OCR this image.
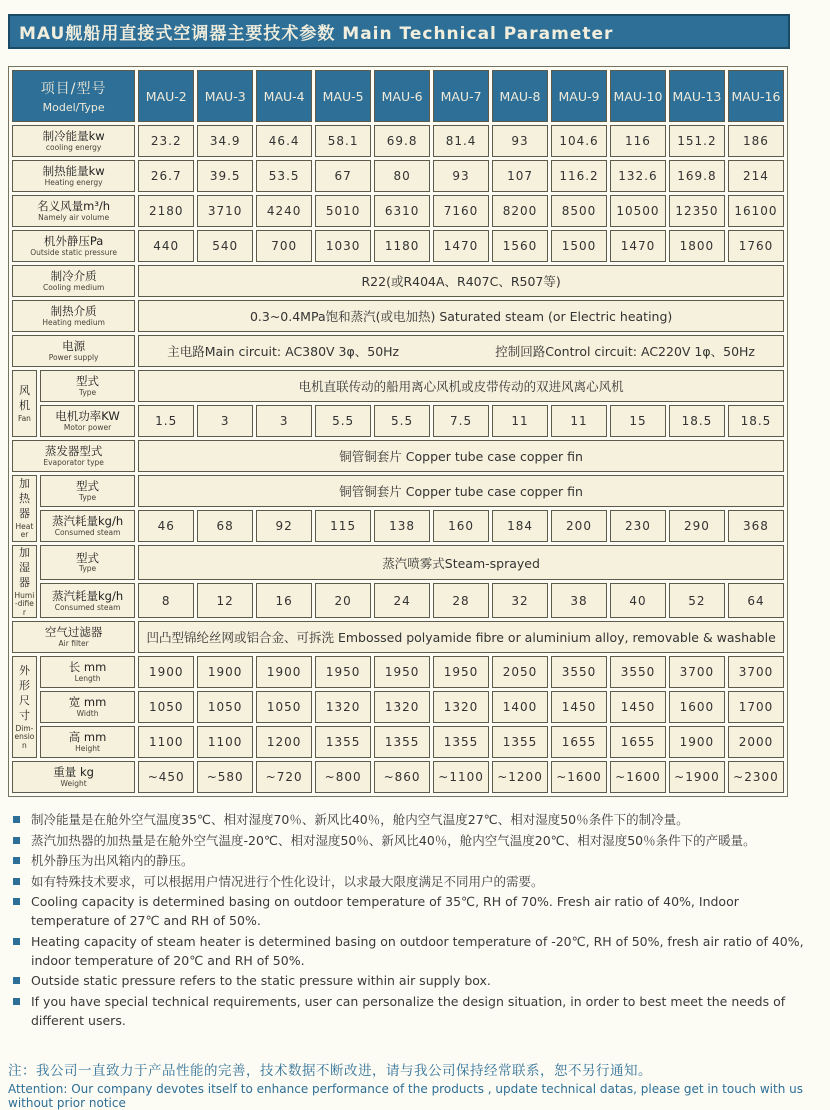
MAU舰船用直接式空调器主要技术参数 Main Technical Parameter
项目/型号
Model/Type		MAU-2	MAU-3	MAU-4	MAU-5	MAU-6	MAU-7	MAU-8	MAU-9	MAU-10	MAU-13	MAU-16

制冷能量kw
cooling energy		23.2	34.9	46.4	58.1	69.8	81.4	93	104.6	116	151.2	186

制热能量kw
Heating energy		26.7	39.5	53.5	67	80	93	107	116.2	132.6	169.8	214

名义风量m³/h
Namely air volume		2180	3710	4240	5010	6310	7160	8200	8500	10500	12350	16100

机外静压Pa
Outside static pressure		440	540	700	1030	1180	1470	1560	1500	1470	1800	1760

制冷介质
Cooling medium		R22(或R404A、R407C、R507等)										

制热介质
Heating medium		0.3~0.4MPa饱和蒸汽(或电加热) Saturated steam (or Electric heating)										

电源
Power supply	主电路Main circuit: AC380V 3φ、50Hz	控制回路Control circuit: AC220V 1φ、50Hz

风
机
Fan

型式
Type	电机直联传动的船用离心风机或皮带传动的双进风离心风机

	电机功率KW
Motor power	1.5	3	3	5.5	5.5	7.5	11	11	15	18.5	18.5

蒸发器型式
Evaporator type		铜管铜套片 Copper tube case copper fin										

加
热
器
Heater

型式
Type	铜管铜套片 Copper tube case copper fin

	蒸汽耗量kg/h
Consumed steam	46	68	92	115	138	160	184	200	230	290	368

加
湿
器
Humi-difier

型式
Type	蒸汽喷雾式Steam-sprayed

	蒸汽耗量kg/h
Consumed steam	8	12	16	20	24	28	32	38	40	52	64

空气过滤器
Air filter		凹凸型锦纶丝网或铝合金、可拆洗 Embossed polyamide fibre or aluminium alloy, removable & washable										

外
形
尺
寸
Dim-ension

长 mm
Length	1900	1900	1900	1950	1950	1950	2050	3550	3550	3700	3700

	宽 mm
Width	1050	1050	1050	1320	1320	1320	1400	1450	1450	1600	1700

	高 mm
Height	1100	1100	1200	1355	1355	1355	1355	1655	1655	1900	2000

重量 kg
Weight		~450	~580	~720	~800	~860	~1100	~1200	~1600	~1600	~1900	~2300
制冷能量是在舱外空气温度35℃、相对湿度70％、新风比40％，舱内空气温度27℃、相对湿度50％条件下的制冷量。
蒸汽加热器的加热量是在舱外空气温度-20℃、相对湿度50％、新风比40％，舱内空气温度20℃、相对湿度50％条件下的产暖量。
机外静压为出风箱内的静压。
如有特殊技术要求，可以根据用户情况进行个性化设计，以求最大限度满足不同用户的需要。
Cooling capacity is determined basing on outdoor temperature of 35℃, RH of 70%. Fresh air ratio of 40%, Indoor temperature of 27℃ and RH of 50%.
Heating capacity of steam heater is determined basing on outdoor temperature of -20℃, RH of 50%, fresh air ratio of 40%, indoor temperature of 20℃ and RH of 50%.
Outside static pressure refers to the static pressure within air supply box.
If you have special technical requirements, user can personalize the design situation, in order to best meet the needs of different users.
注：我公司一直致力于产品性能的完善，技术数据不断改进，请与我公司保持经常联系，恕不另行通知。
Attention: Our company devotes itself to enhance performance of the products , update technical datas, please get in touch with us without prior notice
